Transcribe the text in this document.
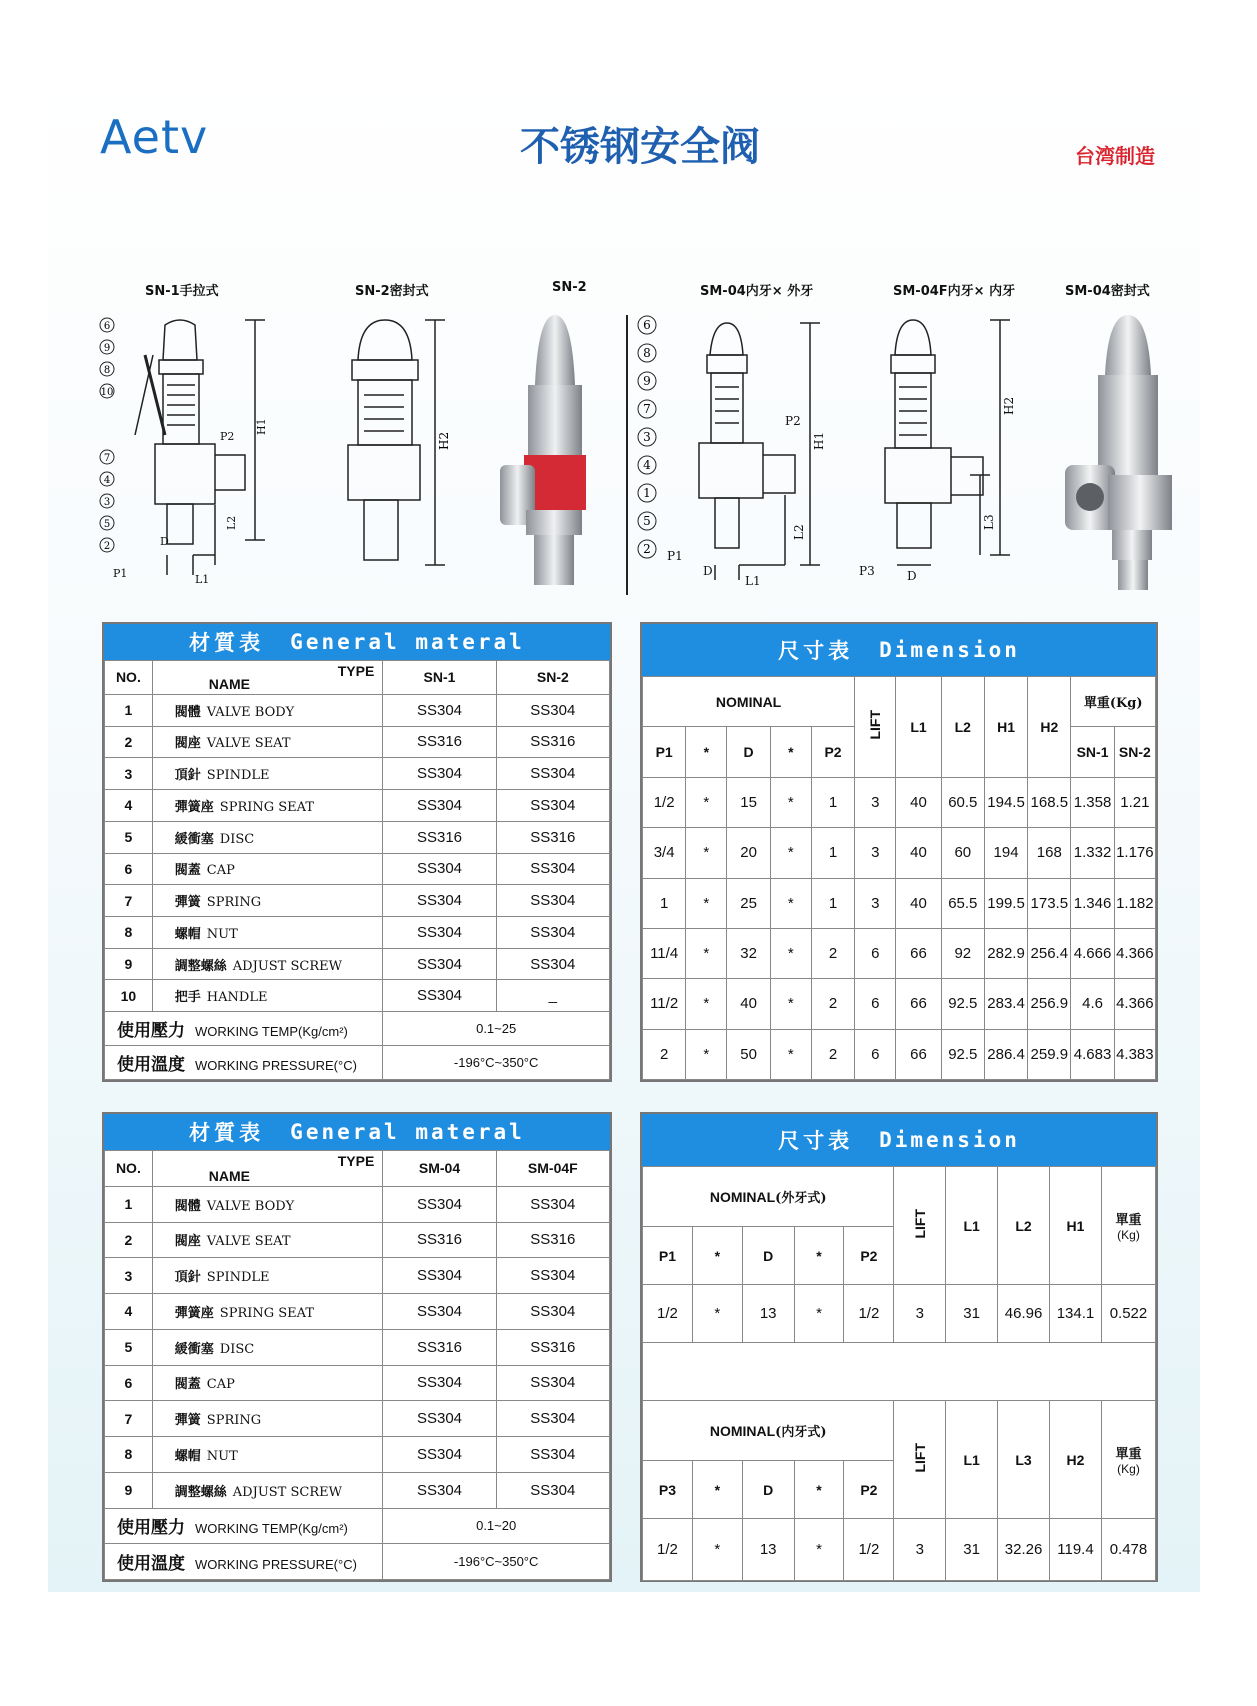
Aetv	不锈钢安全阀	台湾制造
SN-1手拉式	SN-2密封式	SN-2	SM-04内牙× 外牙	SM-04F内牙× 内牙	SM-04密封式
H1
P2
L2
D
P1	L1
6
9
8
10
7
4
3
5
2
H2
P2
H1
L2
P1
D
L1
6
8
9
7
3
4
1
5
2
H2
L3
P3	D
材質表 General materal
NO.	NAME
TYPE	SN-1	SN-2
1	閥體 VALVE BODY	SS304	SS304
2	閥座 VALVE SEAT	SS316	SS316
3	頂針 SPINDLE	SS304	SS304
4	彈簧座 SPRING SEAT	SS304	SS304
5	緩衝塞 DISC	SS316	SS316
6	閥蓋 CAP	SS304	SS304
7	彈簧 SPRING	SS304	SS304
8	螺帽 NUT	SS304	SS304
9	調整螺絲 ADJUST SCREW	SS304	SS304
10	把手 HANDLE	SS304	_
使用壓力 WORKING TEMP(Kg/cm²)		0.1~25	
使用溫度 WORKING PRESSURE(°C)		-196°C~350°C	
尺寸表 Dimension
NOMINAL					LIFT	L1	L2	H1	H2	單重(Kg)	
P1	*	D	*	P2						SN-1	SN-2
1/2	*	15	*	1	3	40	60.5	194.5	168.5	1.358	1.21
3/4	*	20	*	1	3	40	60	194	168	1.332	1.176
1	*	25	*	1	3	40	65.5	199.5	173.5	1.346	1.182
11/4	*	32	*	2	6	66	92	282.9	256.4	4.666	4.366
11/2	*	40	*	2	6	66	92.5	283.4	256.9	4.6	4.366
2	*	50	*	2	6	66	92.5	286.4	259.9	4.683	4.383
材質表 General materal
NO.	NAME
TYPE	SM-04	SM-04F
1	閥體 VALVE BODY	SS304	SS304
2	閥座 VALVE SEAT	SS316	SS316
3	頂針 SPINDLE	SS304	SS304
4	彈簧座 SPRING SEAT	SS304	SS304
5	緩衝塞 DISC	SS316	SS316
6	閥蓋 CAP	SS304	SS304
7	彈簧 SPRING	SS304	SS304
8	螺帽 NUT	SS304	SS304
9	調整螺絲 ADJUST SCREW	SS304	SS304
使用壓力 WORKING TEMP(Kg/cm²)		0.1~20	
使用溫度 WORKING PRESSURE(°C)		-196°C~350°C	
尺寸表 Dimension
NOMINAL(外牙式)					LIFT	L1	L2	H1	單重
(Kg)

P1	*	D	*	P2					
1/2	*	13	*	1/2	3	31	46.96	134.1	0.522

NOMINAL(内牙式)					LIFT	L1	L3	H2	單重
(Kg)

P3	*	D	*	P2					
1/2	*	13	*	1/2	3	31	32.26	119.4	0.478
